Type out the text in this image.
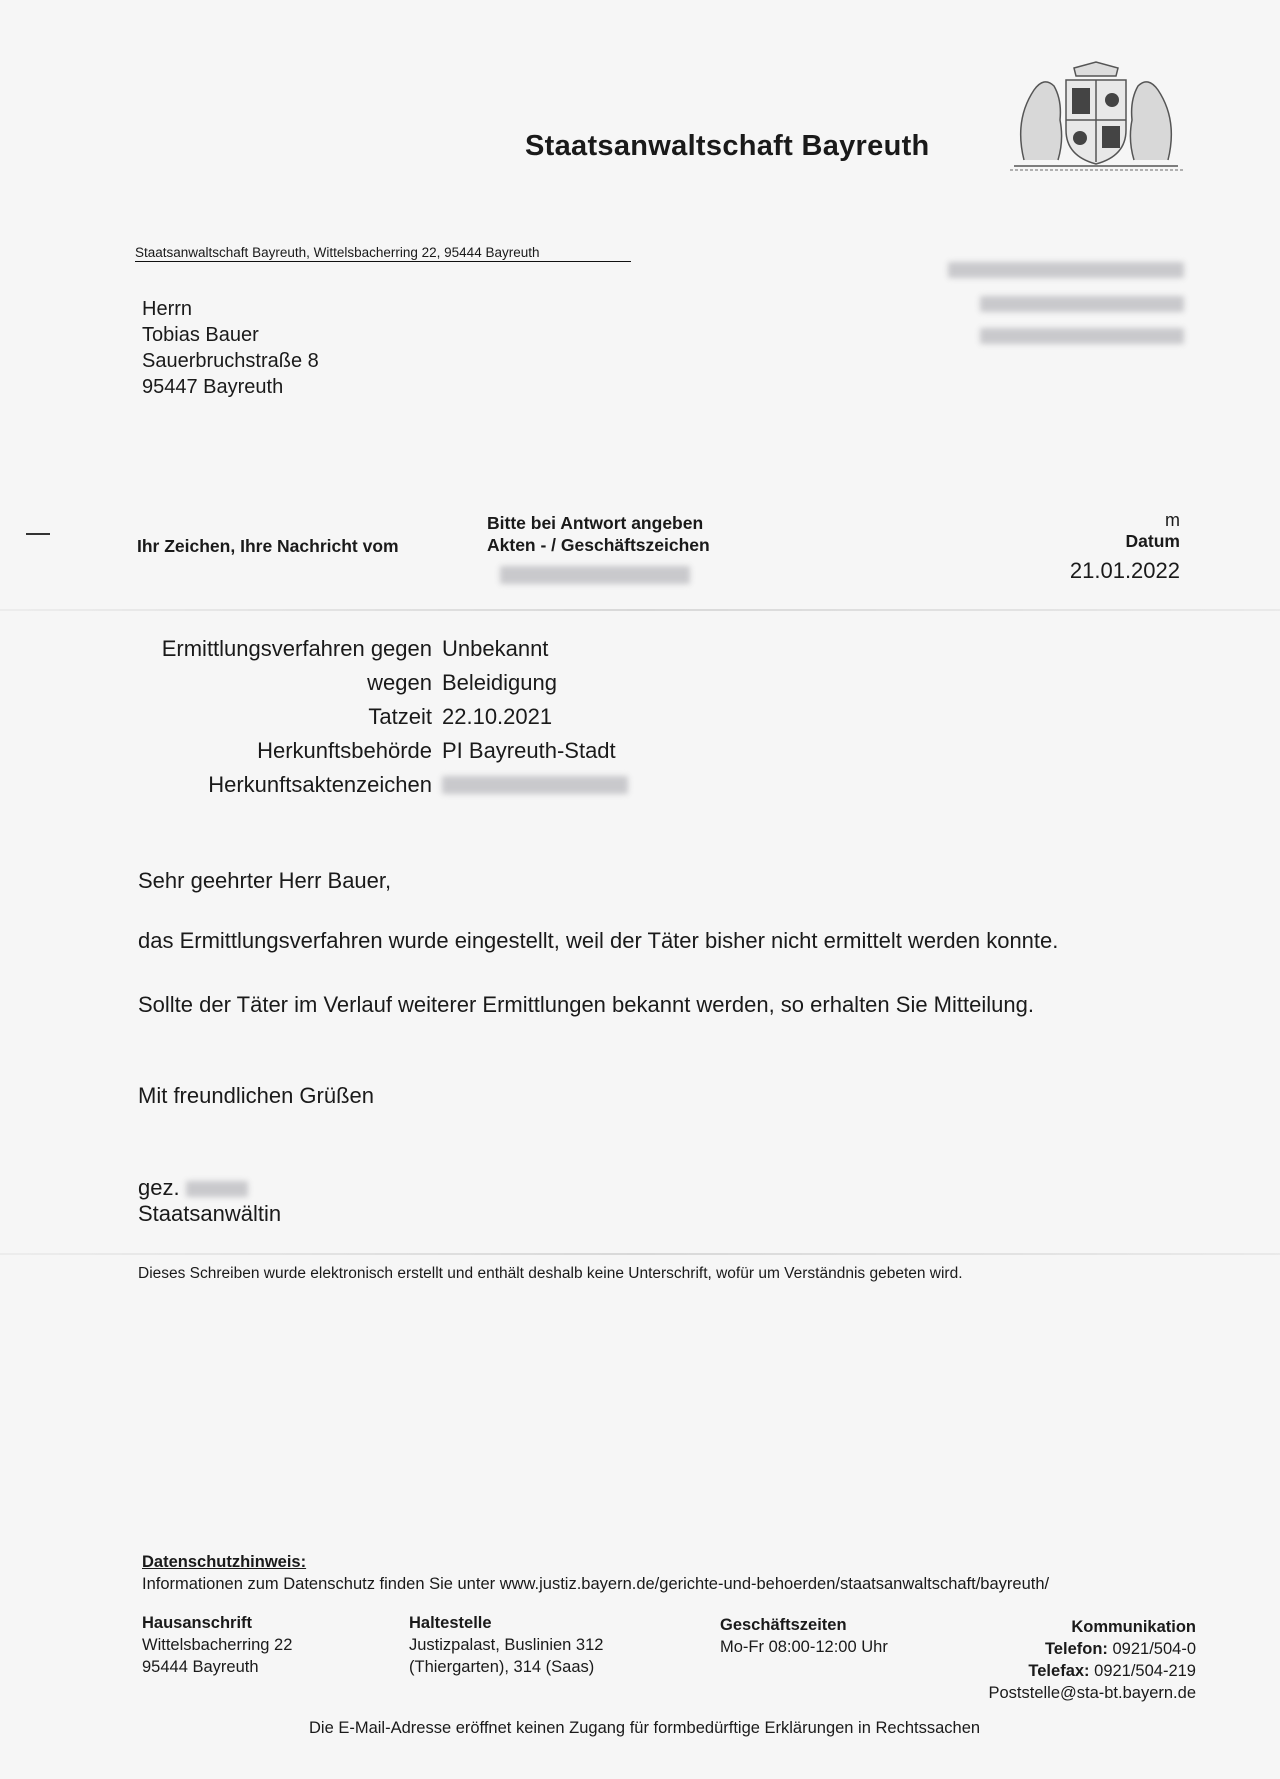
Staatsanwaltschaft Bayreuth
Staatsanwaltschaft Bayreuth, Wittelsbacherring 22, 95444 Bayreuth
Herrn
Tobias Bauer
Sauerbruchstraße 8
95447 Bayreuth
Ihr Zeichen, Ihre Nachricht vom
Bitte bei Antwort angeben
Akten - / Geschäftszeichen
m
Datum
21.01.2022
Ermittlungsverfahren gegen Unbekannt
wegen Beleidigung
Tatzeit 22.10.2021
Herkunftsbehörde PI Bayreuth-Stadt
Herkunftsaktenzeichen
Sehr geehrter Herr Bauer,
das Ermittlungsverfahren wurde eingestellt, weil der Täter bisher nicht ermittelt werden konnte.
Sollte der Täter im Verlauf weiterer Ermittlungen bekannt werden, so erhalten Sie Mitteilung.
Mit freundlichen Grüßen
gez.
Staatsanwältin
Dieses Schreiben wurde elektronisch erstellt und enthält deshalb keine Unterschrift, wofür um Verständnis gebeten wird.
Datenschutzhinweis:
Informationen zum Datenschutz finden Sie unter www.justiz.bayern.de/gerichte-und-behoerden/staatsanwaltschaft/bayreuth/
Hausanschrift
Wittelsbacherring 22
95444 Bayreuth
Haltestelle
Justizpalast, Buslinien 312
(Thiergarten), 314 (Saas)
Geschäftszeiten
Mo-Fr 08:00-12:00 Uhr
Kommunikation
Telefon: 0921/504-0
Telefax: 0921/504-219
Poststelle@sta-bt.bayern.de
Die E-Mail-Adresse eröffnet keinen Zugang für formbedürftige Erklärungen in Rechtssachen
